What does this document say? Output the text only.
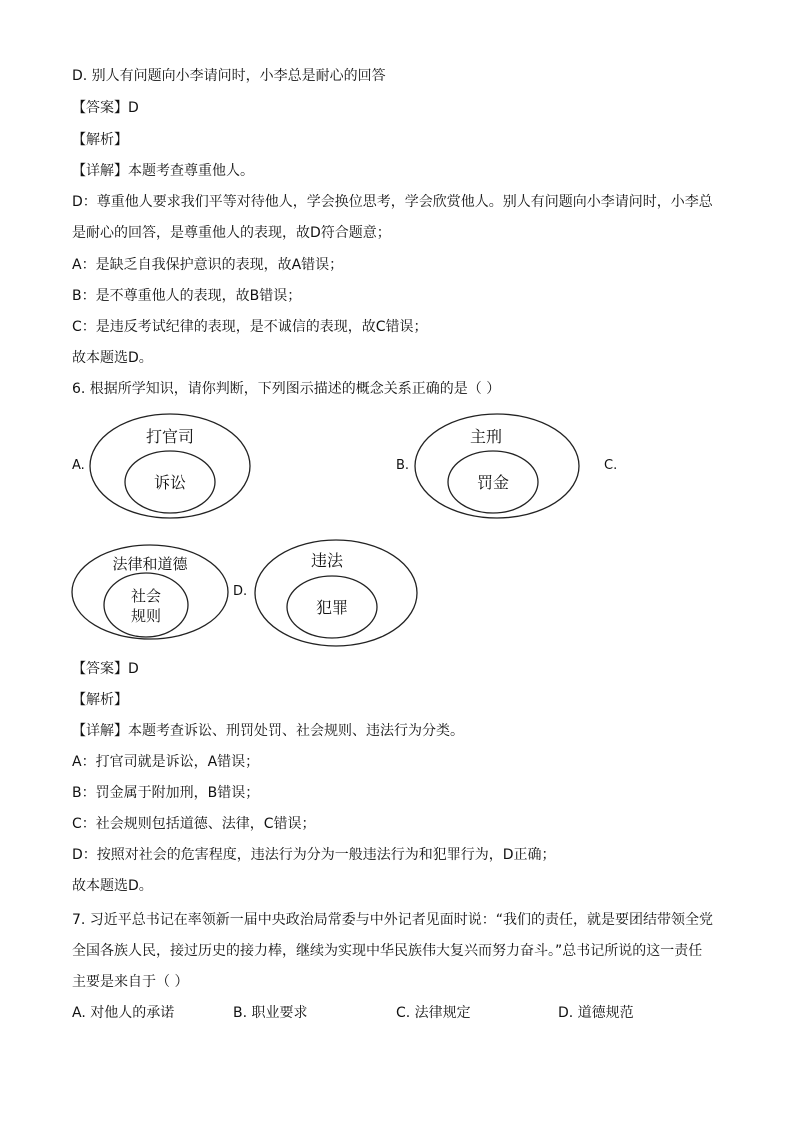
D. 别人有问题向小李请问时，小李总是耐心的回答
【答案】D
【解析】
【详解】本题考查尊重他人。
D：尊重他人要求我们平等对待他人，学会换位思考，学会欣赏他人。别人有问题向小李请问时，小李总
是耐心的回答，是尊重他人的表现，故D符合题意；
A：是缺乏自我保护意识的表现，故A错误；
B：是不尊重他人的表现，故B错误；
C：是违反考试纪律的表现，是不诚信的表现，故C错误；
故本题选D。
6. 根据所学知识，请你判断，下列图示描述的概念关系正确的是（ ）
A.
打官司
诉讼
B.
主刑
罚金
C.
法律和道德
社会
规则
D.
违法
犯罪
【答案】D
【解析】
【详解】本题考查诉讼、刑罚处罚、社会规则、违法行为分类。
A：打官司就是诉讼，A错误；
B：罚金属于附加刑，B错误；
C：社会规则包括道德、法律，C错误；
D：按照对社会的危害程度，违法行为分为一般违法行为和犯罪行为，D正确；
故本题选D。
7. 习近平总书记在率领新一届中央政治局常委与中外记者见面时说：“我们的责任，就是要团结带领全党
全国各族人民，接过历史的接力棒，继续为实现中华民族伟大复兴而努力奋斗。”总书记所说的这一责任
主要是来自于（ ）
A. 对他人的承诺	B. 职业要求	C. 法律规定	D. 道德规范
